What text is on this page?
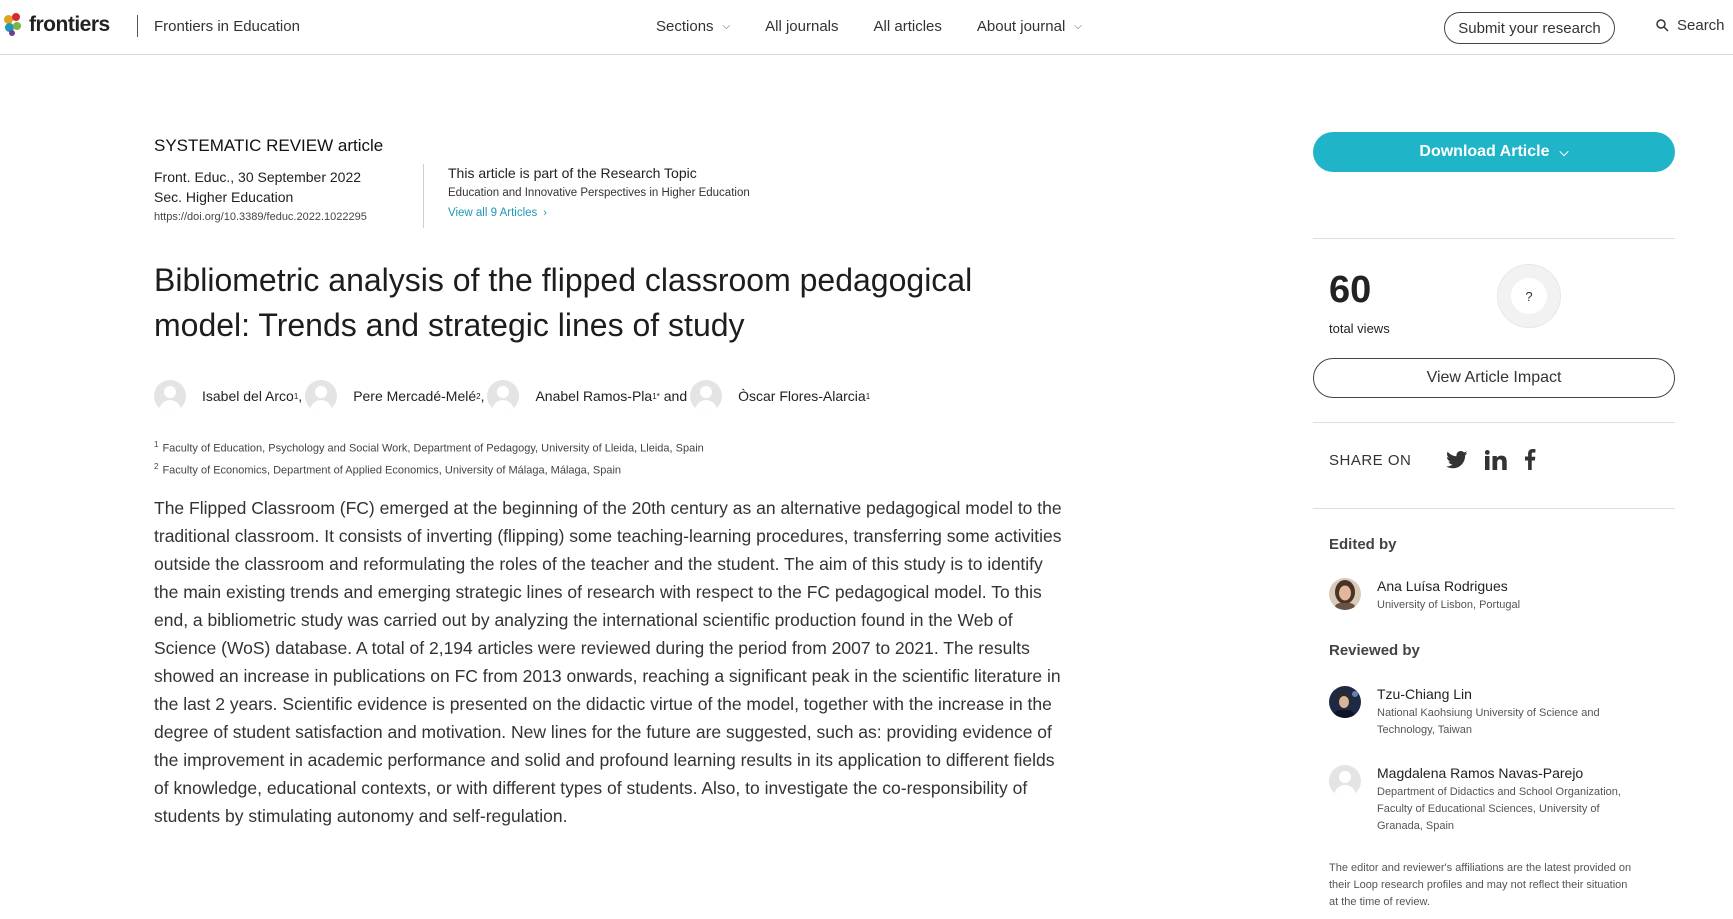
frontiers	Frontiers in Education	Sections ⌵ All journals All articles About journal ⌵	Submit your research	Search
SYSTEMATIC REVIEW article
Front. Educ., 30 September 2022
Sec. Higher Education
https://doi.org/10.3389/feduc.2022.1022295
This article is part of the Research Topic
Education and Innovative Perspectives in Higher Education
View all 9 Articles ›
Bibliometric analysis of the flipped classroom pedagogical model: Trends and strategic lines of study
Isabel del Arco 1 ,	Pere Mercadé-Melé 2 ,	Anabel Ramos-Pla 1* and	Òscar Flores-Alarcia 1
$^1$ Faculty of Education, Psychology and Social Work, Department of Pedagogy, University of Lleida, Lleida, Spain
$^2$ Faculty of Economics, Department of Applied Economics, University of Málaga, Málaga, Spain

The Flipped Classroom (FC) emerged at the beginning of the 20th century as an alternative pedagogical model to the traditional classroom. It consists of inverting (flipping) some teaching-learning procedures, transferring some activities outside the classroom and reformulating the roles of the teacher and the student. The aim of this study is to identify the main existing trends and emerging strategic lines of research with respect to the FC pedagogical model. To this end, a bibliometric study was carried out by analyzing the international scientific production found in the Web of Science (WoS) database. A total of 2,194 articles were reviewed during the period from 2007 to 2021. The results showed an increase in publications on FC from 2013 onwards, reaching a significant peak in the scientific literature in the last 2 years. Scientific evidence is presented on the didactic virtue of the model, together with the increase in the degree of student satisfaction and motivation. New lines for the future are suggested, such as: providing evidence of the improvement in academic performance and solid and profound learning results in its application to different fields of knowledge, educational contexts, or with different types of students. Also, to investigate the co-responsibility of students by stimulating autonomy and self-regulation.

Download Article ⌵
60
total views
?
View Article Impact
SHARE ON
Edited by
Ana Luísa Rodrigues
University of Lisbon, Portugal
Reviewed by
Tzu-Chiang Lin
National Kaohsiung University of Science and Technology, Taiwan
Magdalena Ramos Navas-Parejo
Department of Didactics and School Organization, Faculty of Educational Sciences, University of Granada, Spain
The editor and reviewer's affiliations are the latest provided on their Loop research profiles and may not reflect their situation at the time of review.
